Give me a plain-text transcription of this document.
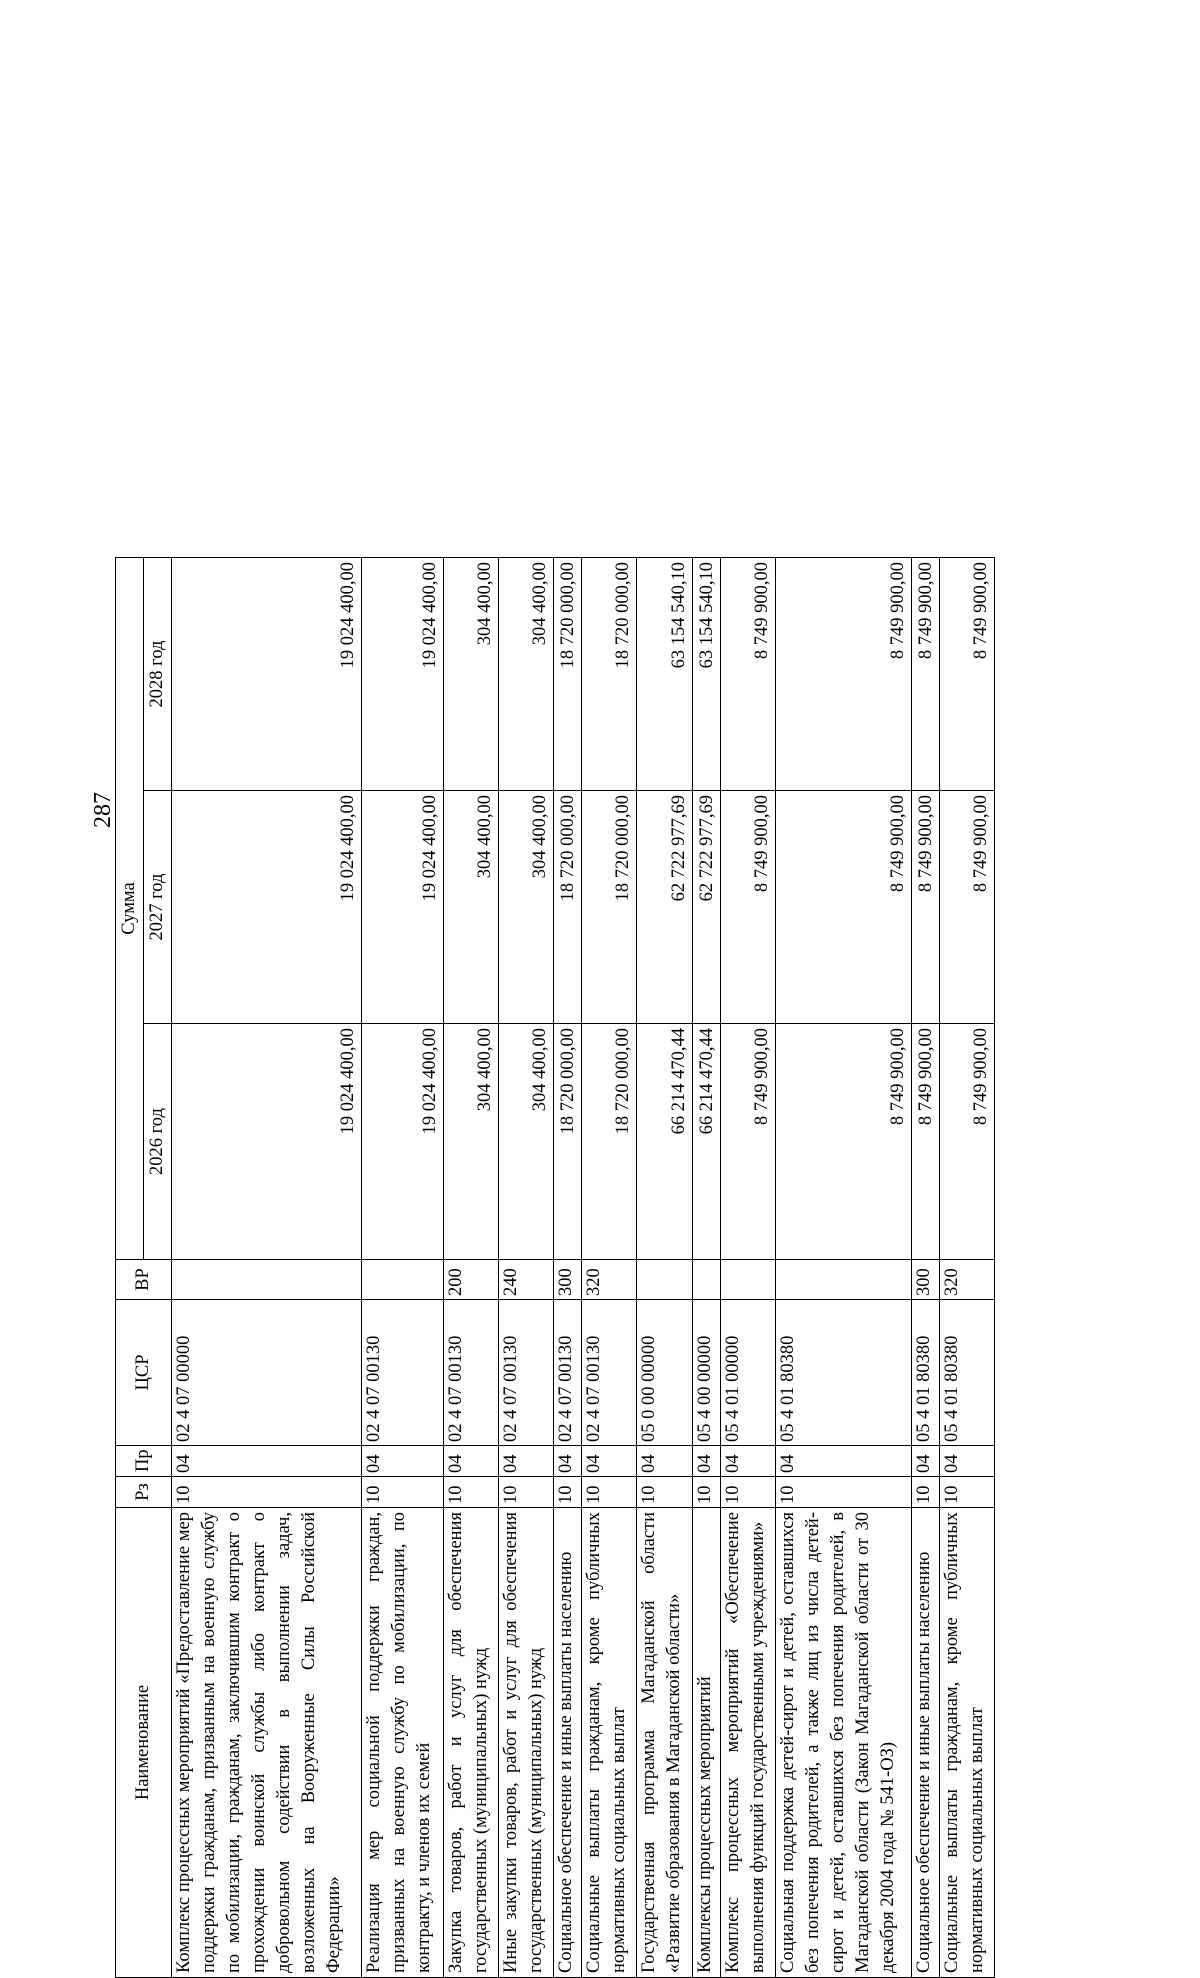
287
Наименование	Рз	Пр	ЦСР	ВР	Сумма		
					2026 год	2027 год	2028 год
Комплекс процессных мероприятий «Предоставление мер поддержки гражданам, призванным на военную службу по мобилизации, гражданам, заключившим контракт о прохождении воинской службы либо контракт о добровольном содействии в выполнении задач, возложенных на Вооруженные Силы Российской Федерации»	10	04	02 4 07 00000		19 024 400,00	19 024 400,00	19 024 400,00
Реализация мер социальной поддержки граждан, призванных на военную службу по мобилизации, по контракту, и членов их семей	10	04	02 4 07 00130		19 024 400,00	19 024 400,00	19 024 400,00
Закупка товаров, работ и услуг для обеспечения государственных (муниципальных) нужд	10	04	02 4 07 00130	200	304 400,00	304 400,00	304 400,00
Иные закупки товаров, работ и услуг для обеспечения государственных (муниципальных) нужд	10	04	02 4 07 00130	240	304 400,00	304 400,00	304 400,00
Социальное обеспечение и иные выплаты населению	10	04	02 4 07 00130	300	18 720 000,00	18 720 000,00	18 720 000,00
Социальные выплаты гражданам, кроме публичных нормативных социальных выплат	10	04	02 4 07 00130	320	18 720 000,00	18 720 000,00	18 720 000,00
Государственная программа Магаданской области «Развитие образования в Магаданской области»	10	04	05 0 00 00000		66 214 470,44	62 722 977,69	63 154 540,10
Комплексы процессных мероприятий	10	04	05 4 00 00000		66 214 470,44	62 722 977,69	63 154 540,10
Комплекс процессных мероприятий «Обеспечение выполнения функций государственными учреждениями»	10	04	05 4 01 00000		8 749 900,00	8 749 900,00	8 749 900,00
Социальная поддержка детей-сирот и детей, оставшихся без попечения родителей, а также лиц из числа детей-сирот и детей, оставшихся без попечения родителей, в Магаданской области (Закон Магаданской области от 30 декабря 2004 года № 541-ОЗ)	10	04	05 4 01 80380		8 749 900,00	8 749 900,00	8 749 900,00
Социальное обеспечение и иные выплаты населению	10	04	05 4 01 80380	300	8 749 900,00	8 749 900,00	8 749 900,00
Социальные выплаты гражданам, кроме публичных нормативных социальных выплат	10	04	05 4 01 80380	320	8 749 900,00	8 749 900,00	8 749 900,00
